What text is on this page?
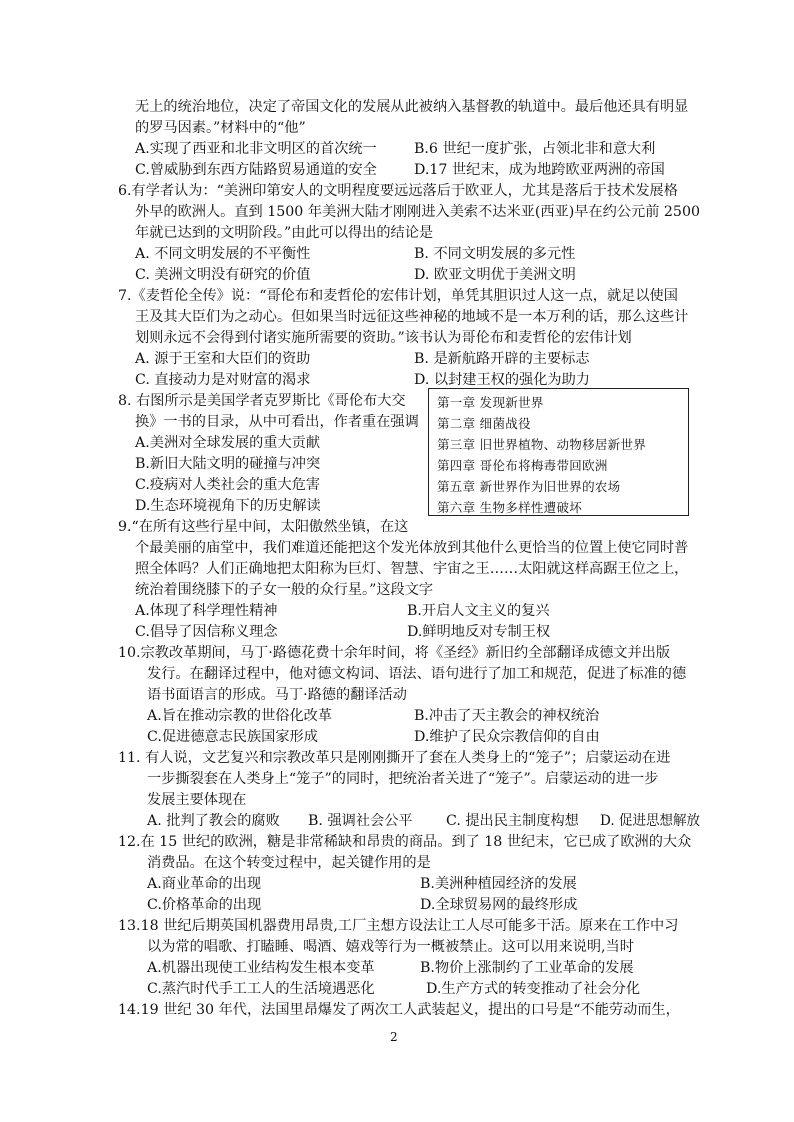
无上的统治地位，决定了帝国文化的发展从此被纳入基督教的轨道中。最后他还具有明显
的罗马因素。”材料中的“他”
A.实现了西亚和北非文明区的首次统一	B.6 世纪一度扩张，占领北非和意大利
C.曾威胁到东西方陆路贸易通道的安全	D.17 世纪末，成为地跨欧亚两洲的帝国
6.有学者认为：“美洲印第安人的文明程度要远远落后于欧亚人，尤其是落后于技术发展格
外早的欧洲人。直到 1500 年美洲大陆才刚刚进入美索不达米亚(西亚)早在约公元前 2500
年就已达到的文明阶段。”由此可以得出的结论是
A. 不同文明发展的不平衡性	B. 不同文明发展的多元性
C. 美洲文明没有研究的价值	D. 欧亚文明优于美洲文明
7.《麦哲伦全传》说：“哥伦布和麦哲伦的宏伟计划，单凭其胆识过人这一点，就足以使国
王及其大臣们为之动心。但如果当时远征这些神秘的地域不是一本万利的话，那么这些计
划则永远不会得到付诸实施所需要的资助。”该书认为哥伦布和麦哲伦的宏伟计划
A. 源于王室和大臣们的资助	B. 是新航路开辟的主要标志
C. 直接动力是对财富的渴求	D. 以封建王权的强化为助力
8. 右图所示是美国学者克罗斯比《哥伦布大交
换》一书的目录，从中可看出，作者重在强调
A.美洲对全球发展的重大贡献
B.新旧大陆文明的碰撞与冲突
C.疫病对人类社会的重大危害
D.生态环境视角下的历史解读
第一章 发现新世界
第二章 细菌战役
第三章 旧世界植物、动物移居新世界
第四章 哥伦布将梅毒带回欧洲
第五章 新世界作为旧世界的农场
第六章 生物多样性遭破坏
9.“在所有这些行星中间，太阳傲然坐镇，在这
个最美丽的庙堂中，我们难道还能把这个发光体放到其他什么更恰当的位置上使它同时普
照全体吗？人们正确地把太阳称为巨灯、智慧、宇宙之王……太阳就这样高踞王位之上，
统治着围绕膝下的子女一般的众行星。”这段文字
A.体现了科学理性精神	B.开启人文主义的复兴
C.倡导了因信称义理念	D.鲜明地反对专制王权
10.宗教改革期间，马丁·路德花费十余年时间，将《圣经》新旧约全部翻译成德文并出版
发行。在翻译过程中，他对德文构词、语法、语句进行了加工和规范，促进了标准的德
语书面语言的形成。马丁·路德的翻译活动
A.旨在推动宗教的世俗化改革	B.冲击了天主教会的神权统治
C.促进德意志民族国家形成	D.维护了民众宗教信仰的自由
11. 有人说，文艺复兴和宗教改革只是刚刚撕开了套在人类身上的“笼子”；启蒙运动在进
一步撕裂套在人类身上“笼子”的同时，把统治者关进了“笼子”。启蒙运动的进一步
发展主要体现在
A. 批判了教会的腐败 B. 强调社会公平 C. 提出民主制度构想 D. 促进思想解放
12.在 15 世纪的欧洲，糖是非常稀缺和昂贵的商品。到了 18 世纪末，它已成了欧洲的大众
消费品。在这个转变过程中，起关键作用的是
A.商业革命的出现	B.美洲种植园经济的发展
C.价格革命的出现	D.全球贸易网的最终形成
13.18 世纪后期英国机器费用昂贵,工厂主想方设法让工人尽可能多干活。原来在工作中习
以为常的唱歌、打瞌睡、喝酒、嬉戏等行为一概被禁止。这可以用来说明,当时
A.机器出现使工业结构发生根本变革	B.物价上涨制约了工业革命的发展
C.蒸汽时代手工工人的生活境遇恶化	D.生产方式的转变推动了社会分化
14.19 世纪 30 年代，法国里昂爆发了两次工人武装起义，提出的口号是“不能劳动而生，
2
